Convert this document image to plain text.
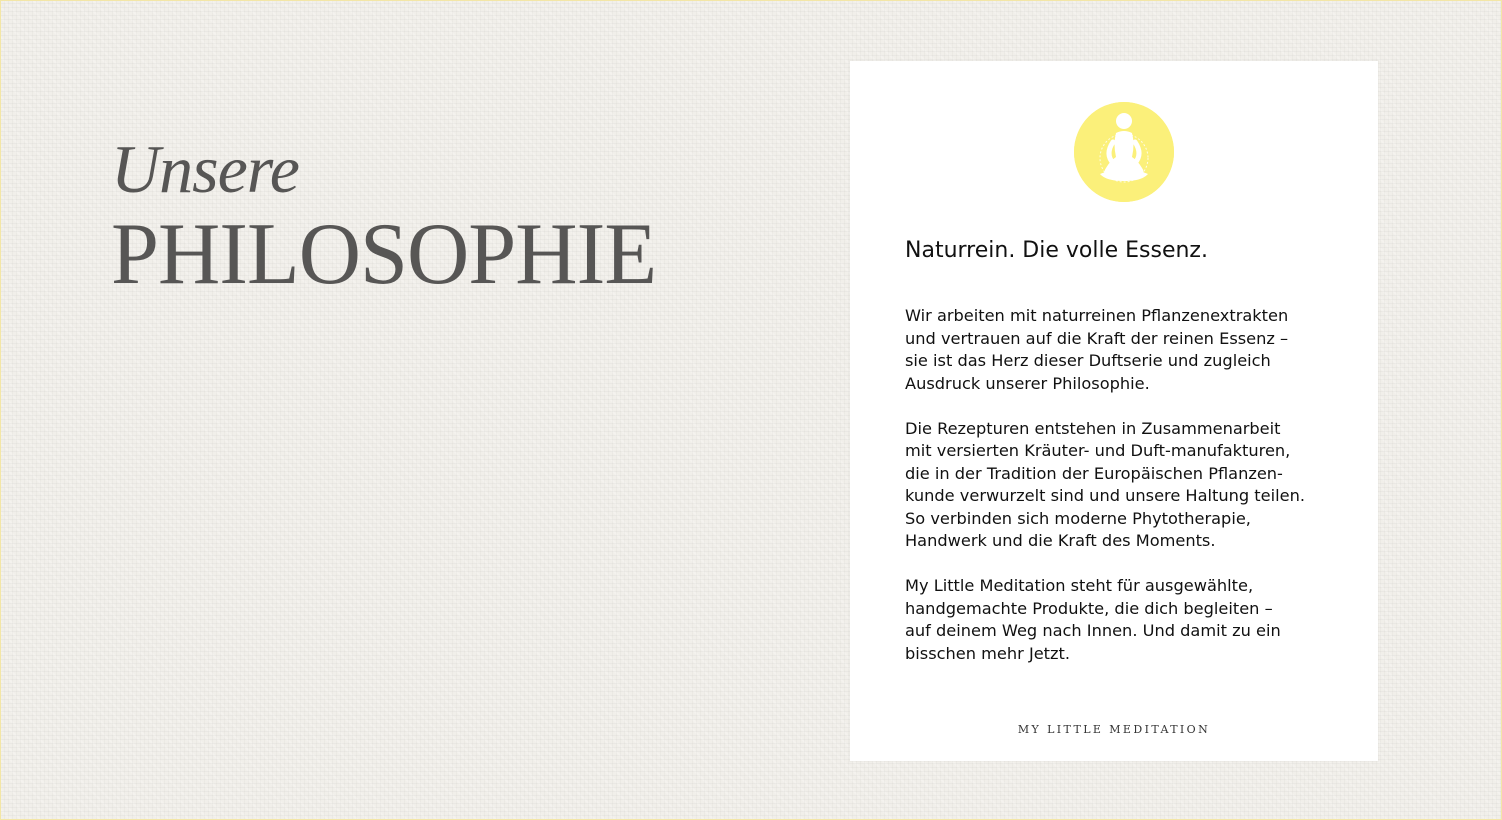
Unsere
PHILOSOPHIE	Naturrein. Die volle Essenz.

Wir arbeiten mit naturreinen Pflanzenextrakten
und vertrauen auf die Kraft der reinen Essenz –
sie ist das Herz dieser Duftserie und zugleich
Ausdruck unserer Philosophie.

Die Rezepturen entstehen in Zusammenarbeit
mit versierten Kräuter- und Duft-manufakturen,
die in der Tradition der Europäischen Pflanzen-
kunde verwurzelt sind und unsere Haltung teilen.
So verbinden sich moderne Phytotherapie,
Handwerk und die Kraft des Moments.

My Little Meditation steht für ausgewählte,
handgemachte Produkte, die dich begleiten –
auf deinem Weg nach Innen. Und damit zu ein
bisschen mehr Jetzt.

MY LITTLE MEDITATION
